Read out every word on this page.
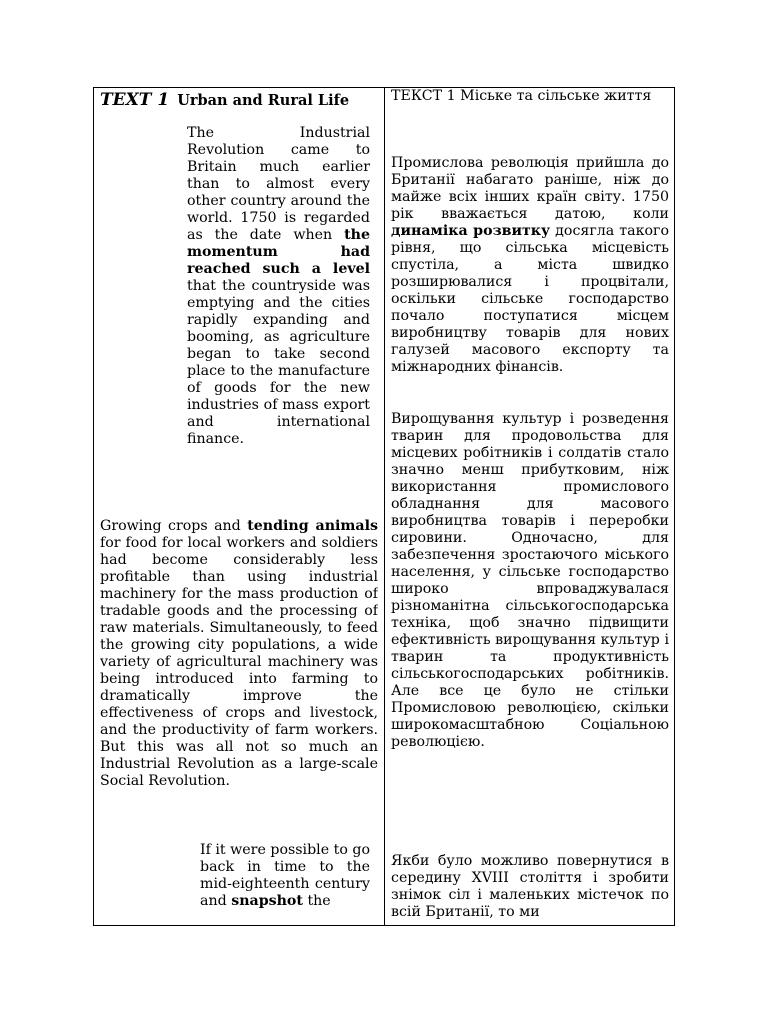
TEXT 1 Urban and Rural Life

The Industrial Revolution came to Britain much earlier than to almost every other country around the world. 1750 is regarded as the date when the momentum had reached such a level that the countryside was emptying and the cities rapidly expanding and booming, as agriculture began to take second place to the manufacture of goods for the new industries of mass export and international finance.

Growing crops and tending animals for food for local workers and soldiers had become considerably less profitable than using industrial machinery for the mass production of tradable goods and the processing of raw materials. Simultaneously, to feed the growing city populations, a wide variety of agricultural machinery was being introduced into farming to dramatically improve the effectiveness of crops and livestock, and the productivity of farm workers. But this was all not so much an Industrial Revolution as a large-scale Social Revolution.

If it were possible to go back in time to the mid-eighteenth century and snapshot the

ТЕКСТ 1 Міське та сільське життя

Промислова революція прийшла до Британії набагато раніше, ніж до майже всіх інших країн світу. 1750 рік вважається датою, коли динаміка розвитку досягла такого рівня, що сільська місцевість спустіла, а міста швидко розширювалися і процвітали, оскільки сільське господарство почало поступатися місцем виробництву товарів для нових галузей масового експорту та міжнародних фінансів.

Вирощування культур і розведення тварин для продовольства для місцевих робітників і солдатів стало значно менш прибутковим, ніж використання промислового обладнання для масового виробництва товарів і переробки сировини. Одночасно, для забезпечення зростаючого міського населення, у сільське господарство широко впроваджувалася різноманітна сільськогосподарська техніка, щоб значно підвищити ефективність вирощування культур і тварин та продуктивність сільськогосподарських робітників. Але все це було не стільки Промисловою революцією, скільки широкомасштабною Соціальною революцією.

Якби було можливо повернутися в середину XVIII століття і зробити знімок сіл і маленьких містечок по всій Британії, то ми
